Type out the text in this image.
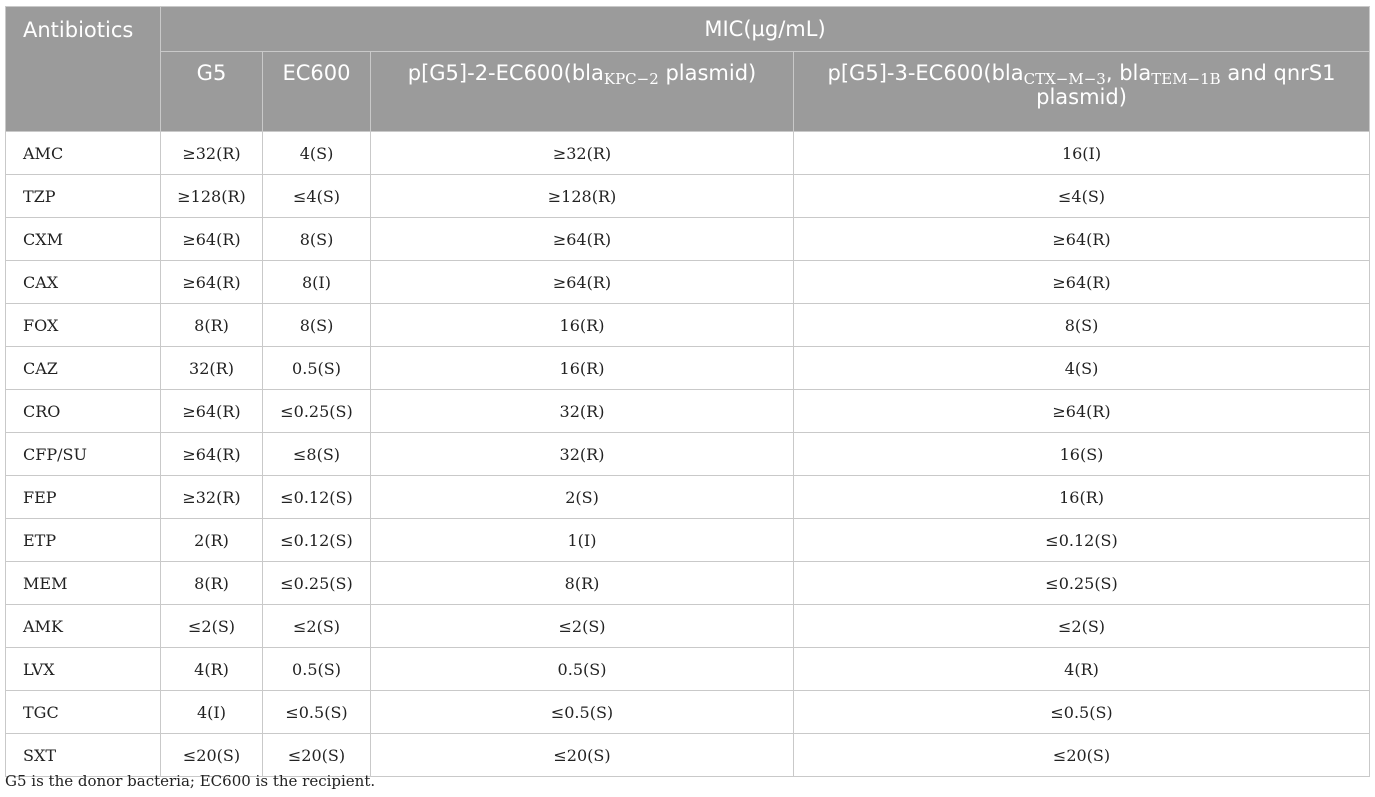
Antibiotics	MIC(µg/mL)			
	G5	EC600	p[G5]-2-EC600(bla$_{KPC-2}$ plasmid)	p[G5]-3-EC600(bla$_{CTX-M-3}$, bla$_{TEM-1B}$ and qnrS1 plasmid)
AMC	≥32(R)	4(S)	≥32(R)	16(I)
TZP	≥128(R)	≤4(S)	≥128(R)	≤4(S)
CXM	≥64(R)	8(S)	≥64(R)	≥64(R)
CAX	≥64(R)	8(I)	≥64(R)	≥64(R)
FOX	8(R)	8(S)	16(R)	8(S)
CAZ	32(R)	0.5(S)	16(R)	4(S)
CRO	≥64(R)	≤0.25(S)	32(R)	≥64(R)
CFP/SU	≥64(R)	≤8(S)	32(R)	16(S)
FEP	≥32(R)	≤0.12(S)	2(S)	16(R)
ETP	2(R)	≤0.12(S)	1(I)	≤0.12(S)
MEM	8(R)	≤0.25(S)	8(R)	≤0.25(S)
AMK	≤2(S)	≤2(S)	≤2(S)	≤2(S)
LVX	4(R)	0.5(S)	0.5(S)	4(R)
TGC	4(I)	≤0.5(S)	≤0.5(S)	≤0.5(S)
SXT	≤20(S)	≤20(S)	≤20(S)	≤20(S)
G5 is the donor bacteria; EC600 is the recipient.
